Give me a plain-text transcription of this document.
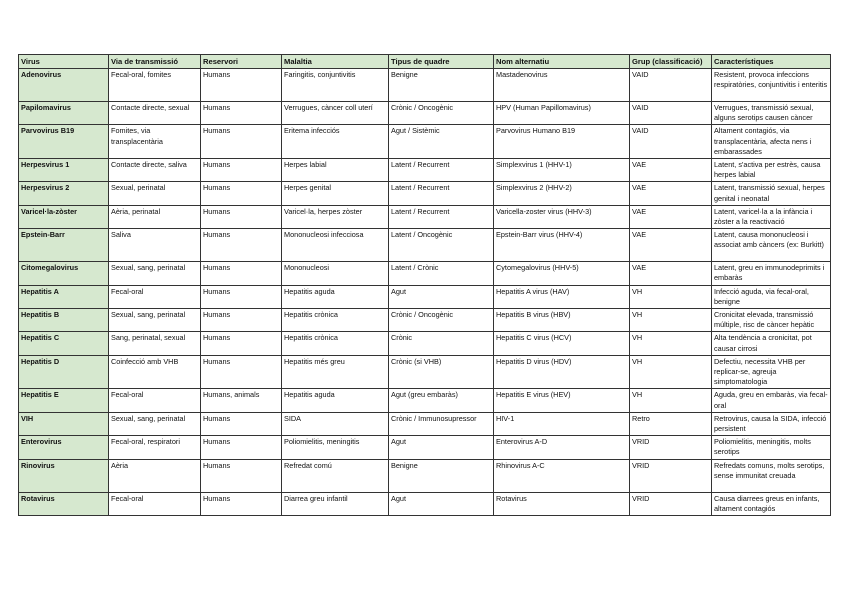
Virus	Via de transmissió	Reservori	Malaltia	Tipus de quadre	Nom alternatiu	Grup (classificació)	Característiques
Adenovirus	Fecal-oral, fomites	Humans	Faringitis, conjuntivitis	Benigne	Mastadenovirus	VAID	Resistent, provoca infeccions respiratòries, conjuntivitis i enteritis
Papilomavirus	Contacte directe, sexual	Humans	Verrugues, càncer coll uterí	Crònic / Oncogènic	HPV (Human Papillomavirus)	VAID	Verrugues, transmissió sexual, alguns serotips causen càncer
Parvovirus B19	Fomites, via transplacentària	Humans	Eritema infecciós	Agut / Sistèmic	Parvovirus Humano B19	VAID	Altament contagiós, via transplacentària, afecta nens i embarassades
Herpesvirus 1	Contacte directe, saliva	Humans	Herpes labial	Latent / Recurrent	Simplexvirus 1 (HHV-1)	VAE	Latent, s'activa per estrès, causa herpes labial
Herpesvirus 2	Sexual, perinatal	Humans	Herpes genital	Latent / Recurrent	Simplexvirus 2 (HHV-2)	VAE	Latent, transmissió sexual, herpes genital i neonatal
Varicel·la-zòster	Aèria, perinatal	Humans	Varicel·la, herpes zòster	Latent / Recurrent	Varicella-zoster virus (HHV-3)	VAE	Latent, varicel·la a la infància i zòster a la reactivació
Epstein-Barr	Saliva	Humans	Mononucleosi infecciosa	Latent / Oncogènic	Epstein-Barr virus (HHV-4)	VAE	Latent, causa mononucleosi i associat amb càncers (ex: Burkitt)
Citomegalovirus	Sexual, sang, perinatal	Humans	Mononucleosi	Latent / Crònic	Cytomegalovirus (HHV-5)	VAE	Latent, greu en immunodeprimits i embaràs
Hepatitis A	Fecal-oral	Humans	Hepatitis aguda	Agut	Hepatitis A virus (HAV)	VH	Infecció aguda, via fecal-oral, benigne
Hepatitis B	Sexual, sang, perinatal	Humans	Hepatitis crònica	Crònic / Oncogènic	Hepatitis B virus (HBV)	VH	Cronicitat elevada, transmissió múltiple, risc de càncer hepàtic
Hepatitis C	Sang, perinatal, sexual	Humans	Hepatitis crònica	Crònic	Hepatitis C virus (HCV)	VH	Alta tendència a cronicitat, pot causar cirrosi
Hepatitis D	Coinfecció amb VHB	Humans	Hepatitis més greu	Crònic (si VHB)	Hepatitis D virus (HDV)	VH	Defectiu, necessita VHB per replicar-se, agreuja simptomatologia
Hepatitis E	Fecal-oral	Humans, animals	Hepatitis aguda	Agut (greu embaràs)	Hepatitis E virus (HEV)	VH	Aguda, greu en embaràs, via fecal-oral
VIH	Sexual, sang, perinatal	Humans	SIDA	Crònic / Immunosupressor	HIV-1	Retro	Retrovirus, causa la SIDA, infecció persistent
Enterovirus	Fecal-oral, respiratori	Humans	Poliomielitis, meningitis	Agut	Enterovirus A-D	VRID	Poliomielitis, meningitis, molts serotips
Rinovirus	Aèria	Humans	Refredat comú	Benigne	Rhinovirus A-C	VRID	Refredats comuns, molts serotips, sense immunitat creuada
Rotavirus	Fecal-oral	Humans	Diarrea greu infantil	Agut	Rotavirus	VRID	Causa diarrees greus en infants, altament contagiós
